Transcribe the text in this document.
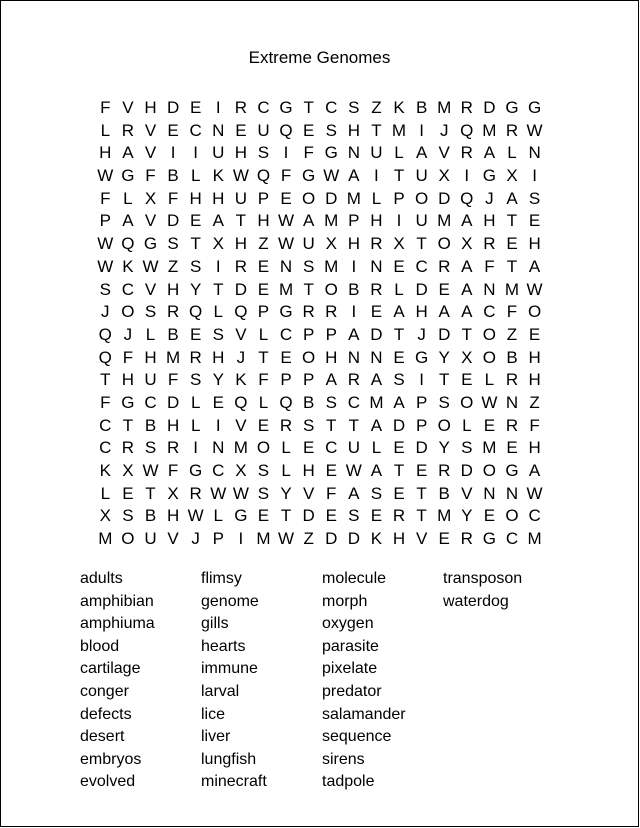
Extreme Genomes
F V H D E I R C G T C S Z K B M R D G G
L R V E C N E U Q E S H T M I J Q M R W
H A V I	I U H S I F G N U L A V R A L N
W G F B L K W Q F G W A I T U X I G X I
F L X F H H U P E O D M L P O D Q J A S
P A V D E A T H W A M P H I U M A H T E
W Q G S T X H Z W U X H R X T O X R E H
W K W Z S I R E N S M I N E C R A F T A
S C V H Y T D E M T O B R L D E A N M W
J O S R Q L Q P G R R I E A H A A C F O
Q J L B E S V L C P P A D T J D T O Z E
Q F H M R H J T E O H N N E G Y X O B H
T H U F S Y K F P P A R A S I T E L R H
F G C D L E Q L Q B S C M A P S O W N Z
C T B H L I V E R S T T A D P O L E R F
C R S R I N M O L E C U L E D Y S M E H
K X W F G C X S L H E W A T E R D O G A
L E T X R W W S Y V F A S E T B V N N W
X S B H W L G E T D E S E R T M Y E O C
M O U V J P I M W Z D D K H V E R G C M
adults
amphibian
amphiuma
blood
cartilage
conger
defects
desert
embryos
evolved
flimsy
genome
gills
hearts
immune
larval
lice
liver
lungfish
minecraft
molecule
morph
oxygen
parasite
pixelate
predator
salamander
sequence
sirens
tadpole
transposon
waterdog
